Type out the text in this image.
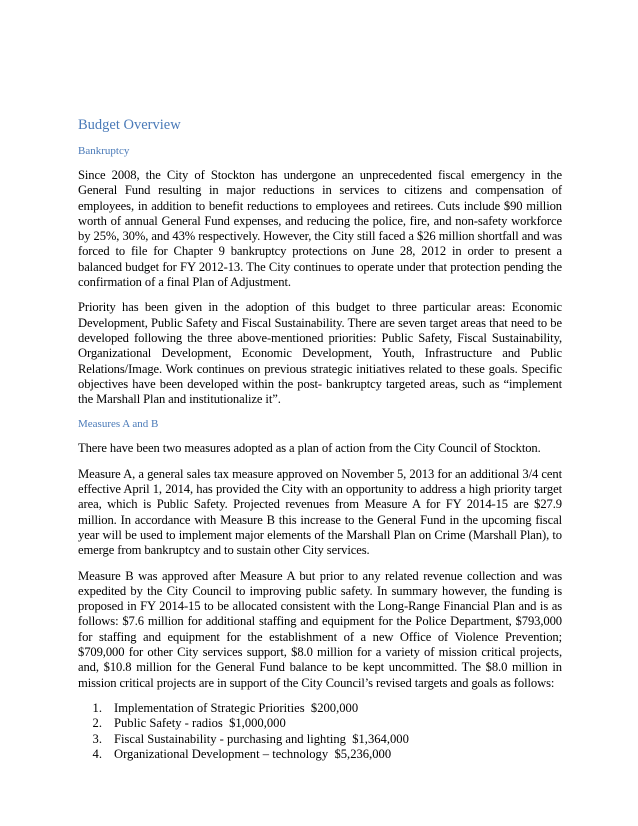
Budget Overview
Bankruptcy

Since 2008, the City of Stockton has undergone an unprecedented fiscal emergency in the General Fund resulting in major reductions in services to citizens and compensation of employees, in addition to benefit reductions to employees and retirees. Cuts include $90 million worth of annual General Fund expenses, and reducing the police, fire, and non-safety workforce by 25%, 30%, and 43% respectively. However, the City still faced a $26 million shortfall and was forced to file for Chapter 9 bankruptcy protections on June 28, 2012 in order to present a balanced budget for FY 2012-13. The City continues to operate under that protection pending the confirmation of a final Plan of Adjustment.

Priority has been given in the adoption of this budget to three particular areas: Economic Development, Public Safety and Fiscal Sustainability. There are seven target areas that need to be developed following the three above-mentioned priorities: Public Safety, Fiscal Sustainability, Organizational Development, Economic Development, Youth, Infrastructure and Public Relations/Image. Work continues on previous strategic initiatives related to these goals. Specific objectives have been developed within the post- bankruptcy targeted areas, such as “implement the Marshall Plan and institutionalize it”.

Measures A and B

There have been two measures adopted as a plan of action from the City Council of Stockton.

Measure A, a general sales tax measure approved on November 5, 2013 for an additional 3/4 cent effective April 1, 2014, has provided the City with an opportunity to address a high priority target area, which is Public Safety. Projected revenues from Measure A for FY 2014-15 are $27.9 million. In accordance with Measure B this increase to the General Fund in the upcoming fiscal year will be used to implement major elements of the Marshall Plan on Crime (Marshall Plan), to emerge from bankruptcy and to sustain other City services.

Measure B was approved after Measure A but prior to any related revenue collection and was expedited by the City Council to improving public safety. In summary however, the funding is proposed in FY 2014-15 to be allocated consistent with the Long-Range Financial Plan and is as follows: $7.6 million for additional staffing and equipment for the Police Department, $793,000 for staffing and equipment for the establishment of a new Office of Violence Prevention; $709,000 for other City services support, $8.0 million for a variety of mission critical projects, and, $10.8 million for the General Fund balance to be kept uncommitted. The $8.0 million in mission critical projects are in support of the City Council’s revised targets and goals as follows:

1. Implementation of Strategic Priorities  $200,000
2. Public Safety - radios  $1,000,000
3. Fiscal Sustainability - purchasing and lighting  $1,364,000
4. Organizational Development – technology  $5,236,000
